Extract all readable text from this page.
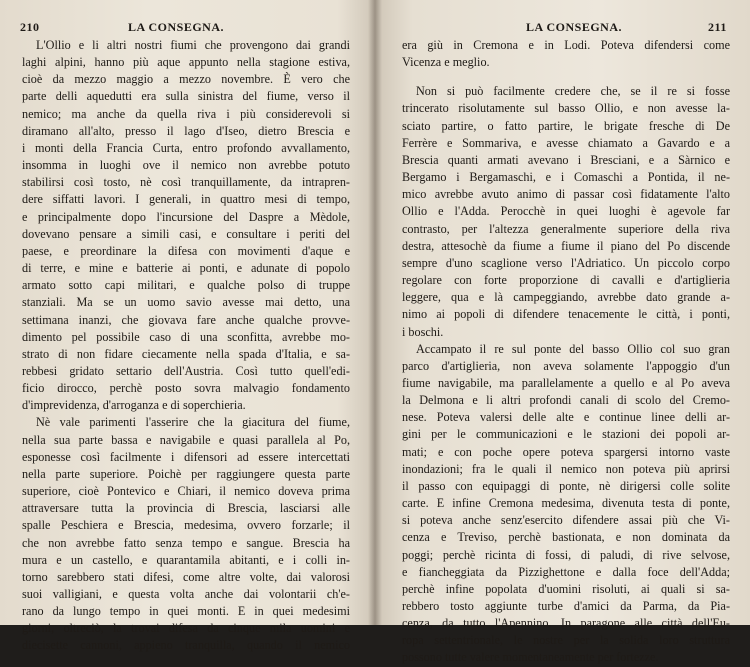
210	LA CONSEGNA.
L'Ollio e li altri nostri fiumi che provengono dai grandi
laghi alpini, hanno più aque appunto nella stagione estiva,
cioè da mezzo maggio a mezzo novembre. È vero che
parte delli aquedutti era sulla sinistra del fiume, verso il
nemico; ma anche da quella riva i più considerevoli si
diramano all'alto, presso il lago d'Iseo, dietro Brescia e
i monti della Francia Curta, entro profondo avvallamento,
insomma in luoghi ove il nemico non avrebbe potuto
stabilirsi così tosto, nè così tranquillamente, da intrapren-
dere siffatti lavori. I generali, in quattro mesi di tempo,
e principalmente dopo l'incursione del Daspre a Mèdole,
dovevano pensare a simili casi, e consultare i periti del
paese, e preordinare la difesa con movimenti d'aque e
di terre, e mine e batterie ai ponti, e adunate di popolo
armato sotto capi militari, e qualche polso di truppe
stanziali. Ma se un uomo savio avesse mai detto, una
settimana inanzi, che giovava fare anche qualche provve-
dimento pel possibile caso di una sconfitta, avrebbe mo-
strato di non fidare ciecamente nella spada d'Italia, e sa-
rebbesi gridato settario dell'Austria. Così tutto quell'edi-
ficio dirocco, perchè posto sovra malvagio fondamento
d'imprevidenza, d'arroganza e di soperchieria.
Nè vale parimenti l'asserire che la giacitura del fiume,
nella sua parte bassa e navigabile e quasi parallela al Po,
esponesse così facilmente i difensori ad essere intercettati
nella parte superiore. Poichè per raggiungere questa parte
superiore, cioè Pontevico e Chiari, il nemico doveva prima
attraversare tutta la provincia di Brescia, lasciarsi alle
spalle Peschiera e Brescia, medesima, ovvero forzarle; il
che non avrebbe fatto senza tempo e sangue. Brescia ha
mura e un castello, e quarantamila abitanti, e i colli in-
torno sarebbero stati difesi, come altre volte, dai valorosi
suoi valligiani, e questa volta anche dai volontarii ch'e-
rano da lungo tempo in quei monti. E in quei medesimi
giorni, oltreciò, la trovai difesa da cinque mila uomini e
diecisette cannoni, appieno tranquilla, quando il nemico
LA CONSEGNA.	211
era giù in Cremona e in Lodi. Poteva difendersi come
Vicenza e meglio.
Non si può facilmente credere che, se il re si fosse
trincerato risolutamente sul basso Ollio, e non avesse la-
sciato partire, o fatto partire, le brigate fresche di De
Ferrère e Sommariva, e avesse chiamato a Gavardo e a
Brescia quanti armati avevano i Bresciani, e a Sàrnico e
Bergamo i Bergamaschi, e i Comaschi a Pontida, il ne-
mico avrebbe avuto animo di passar così fidatamente l'alto
Ollio e l'Adda. Perocchè in quei luoghi è agevole far
contrasto, per l'altezza generalmente superiore della riva
destra, attesochè da fiume a fiume il piano del Po discende
sempre d'uno scaglione verso l'Adriatico. Un piccolo corpo
regolare con forte proporzione di cavalli e d'artiglieria
leggere, qua e là campeggiando, avrebbe dato grande a-
nimo ai popoli di difendere tenacemente le città, i ponti,
i boschi.
Accampato il re sul ponte del basso Ollio col suo gran
parco d'artiglieria, non aveva solamente l'appoggio d'un
fiume navigabile, ma parallelamente a quello e al Po aveva
la Delmona e li altri profondi canali di scolo del Cremo-
nese. Poteva valersi delle alte e continue linee delli ar-
gini per le communicazioni e le stazioni dei popoli ar-
mati; e con poche opere poteva spargersi intorno vaste
inondazioni; fra le quali il nemico non poteva più aprirsi
il passo con equipaggi di ponte, nè dirigersi colle solite
carte. E infine Cremona medesima, divenuta testa di ponte,
si poteva anche senz'esercito difendere assai più che Vi-
cenza e Treviso, perchè bastionata, e non dominata da
poggi; perchè ricinta di fossi, di paludi, di rive selvose,
e fiancheggiata da Pizzighettone e dalla foce dell'Adda;
perchè infine popolata d'uomini risoluti, ai quali si sa-
rebbero tosto aggiunte turbe d'amici da Parma, da Pia-
cenza, da tutto l'Apennino. In paragone alle città dell'Eu-
ropa settentrionale, le nostre per la solida loro struttura
possono tutte valere momentaneamente per fortezze.
